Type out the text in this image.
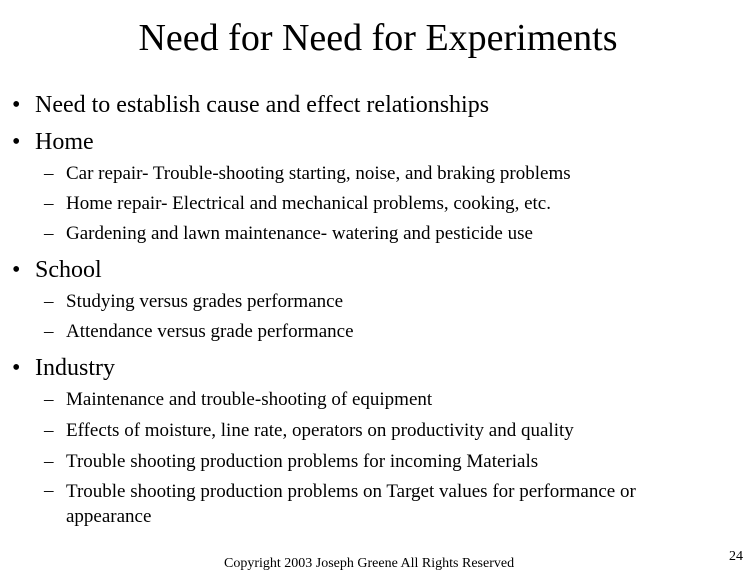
Need for Need for Experiments
• Need to establish cause and effect relationships
• Home
– Car repair- Trouble-shooting starting, noise, and braking problems
– Home repair- Electrical and mechanical problems, cooking, etc.
– Gardening and lawn maintenance- watering and pesticide use
• School
– Studying versus grades performance
– Attendance versus grade performance
• Industry
– Maintenance and trouble-shooting of equipment
– Effects of moisture, line rate, operators on productivity and quality
– Trouble shooting production problems for incoming Materials
– Trouble shooting production problems on Target values for performance or appearance
Copyright 2003 Joseph Greene All Rights Reserved	24
